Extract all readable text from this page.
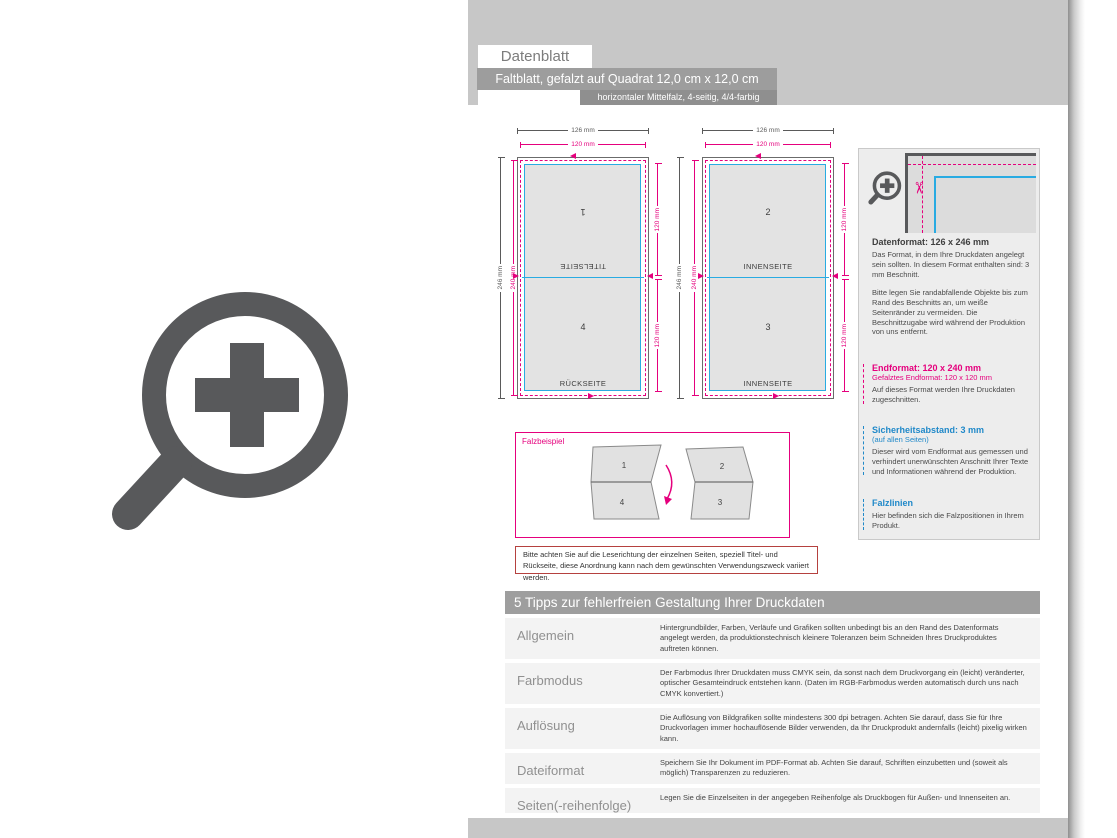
Datenblatt
Faltblatt, gefalzt auf Quadrat 12,0 cm x 12,0 cm
horizontaler Mittelfalz, 4-seitig, 4/4-farbig
1
TITELSEITE
4
RÜCKSEITE
126 mm
120 mm
246 mm 240 mm
120 mm
120 mm
2
INNENSEITE
3
INNENSEITE
126 mm
120 mm
246 mm 240 mm
120 mm
120 mm
✂
Datenformat: 126 x 246 mm

Das Format, in dem Ihre Druckdaten angelegt sein sollten. In diesem Format enthalten sind: 3 mm Beschnitt.

Bitte legen Sie randabfallende Objekte bis zum Rand des Beschnitts an, um weiße Seitenränder zu vermeiden. Die Beschnittzugabe wird während der Produktion von uns entfernt.

Endformat: 120 x 240 mm
Gefalztes Endformat: 120 x 120 mm

Auf dieses Format werden Ihre Druckdaten zugeschnitten.

Sicherheitsabstand: 3 mm
(auf allen Seiten)

Dieser wird vom Endformat aus gemessen und verhindert unerwünschten Anschnitt Ihrer Texte und Informationen während der Produktion.

Falzlinien

Hier befinden sich die Falzpositionen in Ihrem Produkt.

Falzbeispiel
1
4
2
3
Bitte achten Sie auf die Leserichtung der einzelnen Seiten, speziell Titel- und Rückseite, diese Anordnung kann nach dem gewünschten Verwendungszweck variiert werden.
5 Tipps zur fehlerfreien Gestaltung Ihrer Druckdaten
Allgemein
Hintergrundbilder, Farben, Verläufe und Grafiken sollten unbedingt bis an den Rand des Datenformats angelegt werden, da produktionstechnisch kleinere Toleranzen beim Schneiden Ihres Druckproduktes auftreten können.
Farbmodus
Der Farbmodus Ihrer Druckdaten muss CMYK sein, da sonst nach dem Druckvorgang ein (leicht) veränderter, optischer Gesamteindruck entstehen kann. (Daten im RGB-Farbmodus werden automatisch durch uns nach CMYK konvertiert.)
Auflösung
Die Auflösung von Bildgrafiken sollte mindestens 300 dpi betragen. Achten Sie darauf, dass Sie für Ihre Druckvorlagen immer hochauflösende Bilder verwenden, da Ihr Druckprodukt andernfalls (leicht) pixelig wirken kann.
Dateiformat
Speichern Sie Ihr Dokument im PDF-Format ab. Achten Sie darauf, Schriften einzubetten und (soweit als möglich) Transparenzen zu reduzieren.
Seiten(-reihenfolge)
Legen Sie die Einzelseiten in der angegeben Reihenfolge als Druckbogen für Außen- und Innenseiten an.
